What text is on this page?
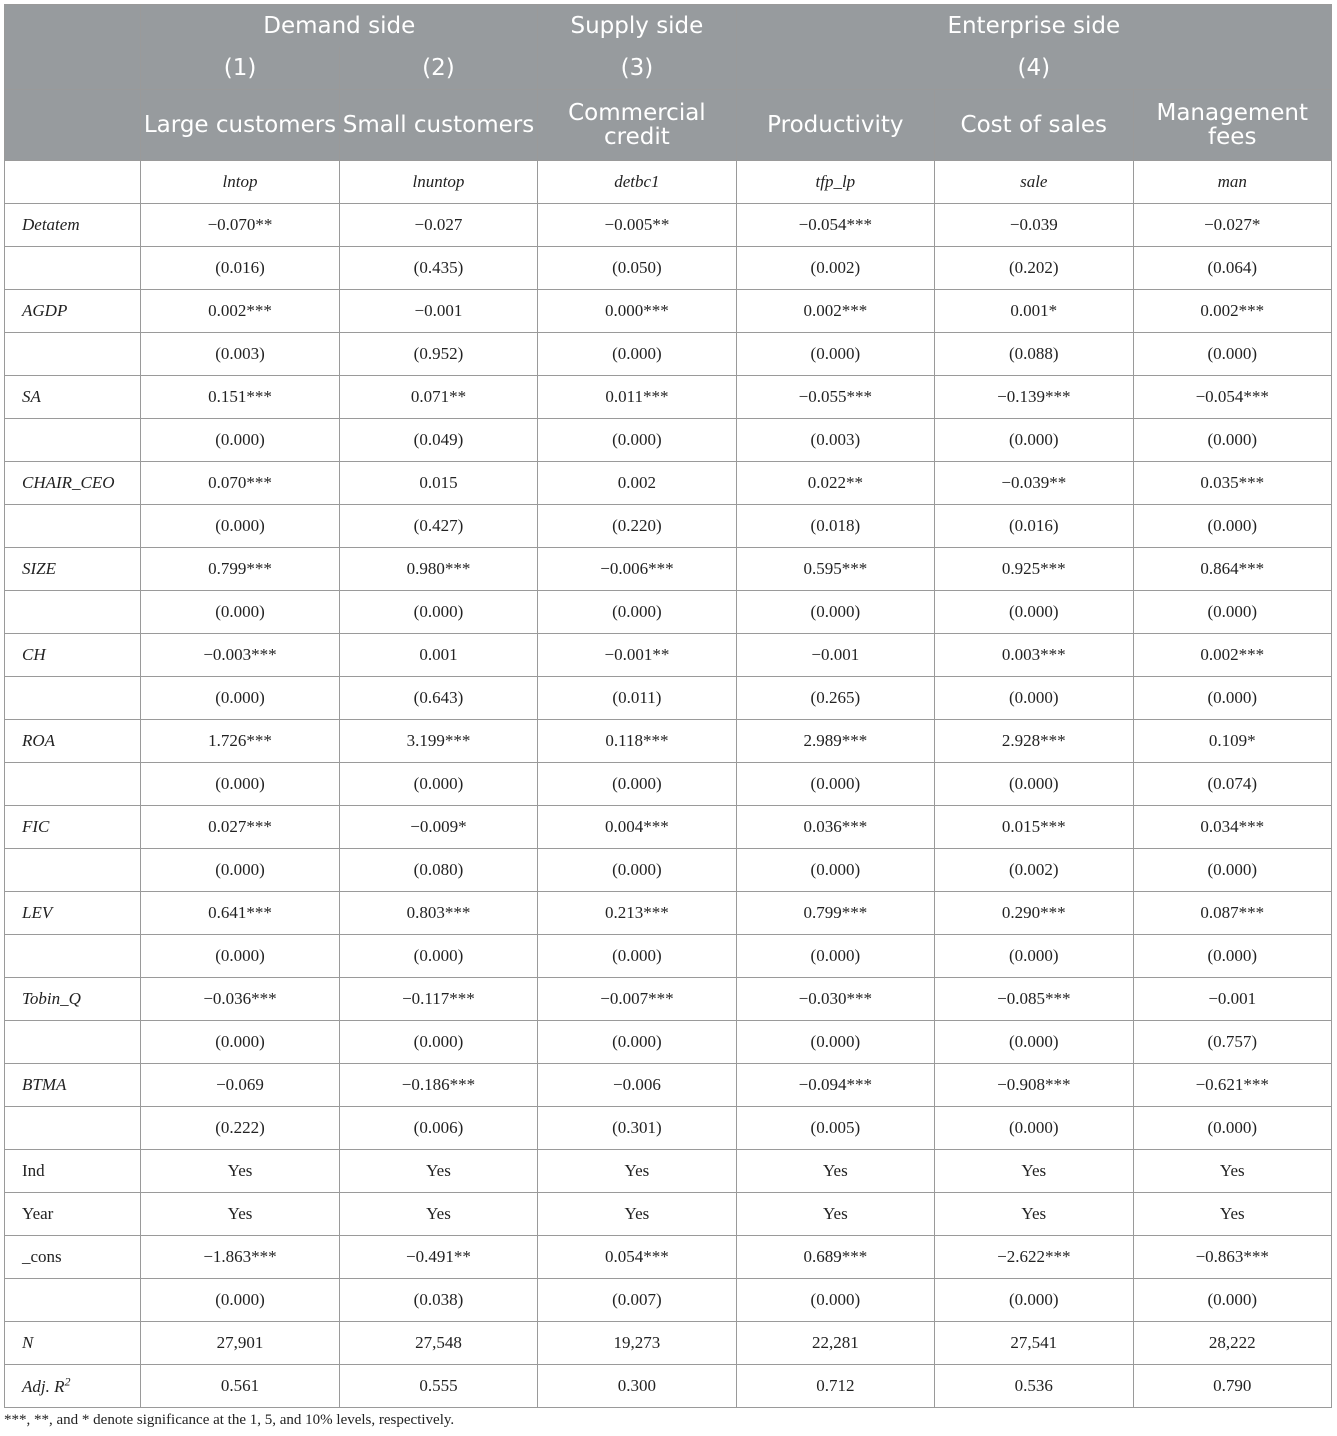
	Demand side		Supply side	Enterprise side		
	(1)	(2)	(3)	(4)		
	Large customers	Small customers	Commercial credit	Productivity	Cost of sales	Management fees
	lntop	lnuntop	detbc1	tfp_lp	sale	man
Detatem	−0.070**	−0.027	−0.005**	−0.054***	−0.039	−0.027*
	(0.016)	(0.435)	(0.050)	(0.002)	(0.202)	(0.064)
AGDP	0.002***	−0.001	0.000***	0.002***	0.001*	0.002***
	(0.003)	(0.952)	(0.000)	(0.000)	(0.088)	(0.000)
SA	0.151***	0.071**	0.011***	−0.055***	−0.139***	−0.054***
	(0.000)	(0.049)	(0.000)	(0.003)	(0.000)	(0.000)
CHAIR_CEO	0.070***	0.015	0.002	0.022**	−0.039**	0.035***
	(0.000)	(0.427)	(0.220)	(0.018)	(0.016)	(0.000)
SIZE	0.799***	0.980***	−0.006***	0.595***	0.925***	0.864***
	(0.000)	(0.000)	(0.000)	(0.000)	(0.000)	(0.000)
CH	−0.003***	0.001	−0.001**	−0.001	0.003***	0.002***
	(0.000)	(0.643)	(0.011)	(0.265)	(0.000)	(0.000)
ROA	1.726***	3.199***	0.118***	2.989***	2.928***	0.109*
	(0.000)	(0.000)	(0.000)	(0.000)	(0.000)	(0.074)
FIC	0.027***	−0.009*	0.004***	0.036***	0.015***	0.034***
	(0.000)	(0.080)	(0.000)	(0.000)	(0.002)	(0.000)
LEV	0.641***	0.803***	0.213***	0.799***	0.290***	0.087***
	(0.000)	(0.000)	(0.000)	(0.000)	(0.000)	(0.000)
Tobin_Q	−0.036***	−0.117***	−0.007***	−0.030***	−0.085***	−0.001
	(0.000)	(0.000)	(0.000)	(0.000)	(0.000)	(0.757)
BTMA	−0.069	−0.186***	−0.006	−0.094***	−0.908***	−0.621***
	(0.222)	(0.006)	(0.301)	(0.005)	(0.000)	(0.000)
Ind	Yes	Yes	Yes	Yes	Yes	Yes
Year	Yes	Yes	Yes	Yes	Yes	Yes
_cons	−1.863***	−0.491**	0.054***	0.689***	−2.622***	−0.863***
	(0.000)	(0.038)	(0.007)	(0.000)	(0.000)	(0.000)
N	27,901	27,548	19,273	22,281	27,541	28,222
Adj. $R^2$	0.561	0.555	0.300	0.712	0.536	0.790
***, **, and * denote significance at the 1, 5, and 10% levels, respectively.
